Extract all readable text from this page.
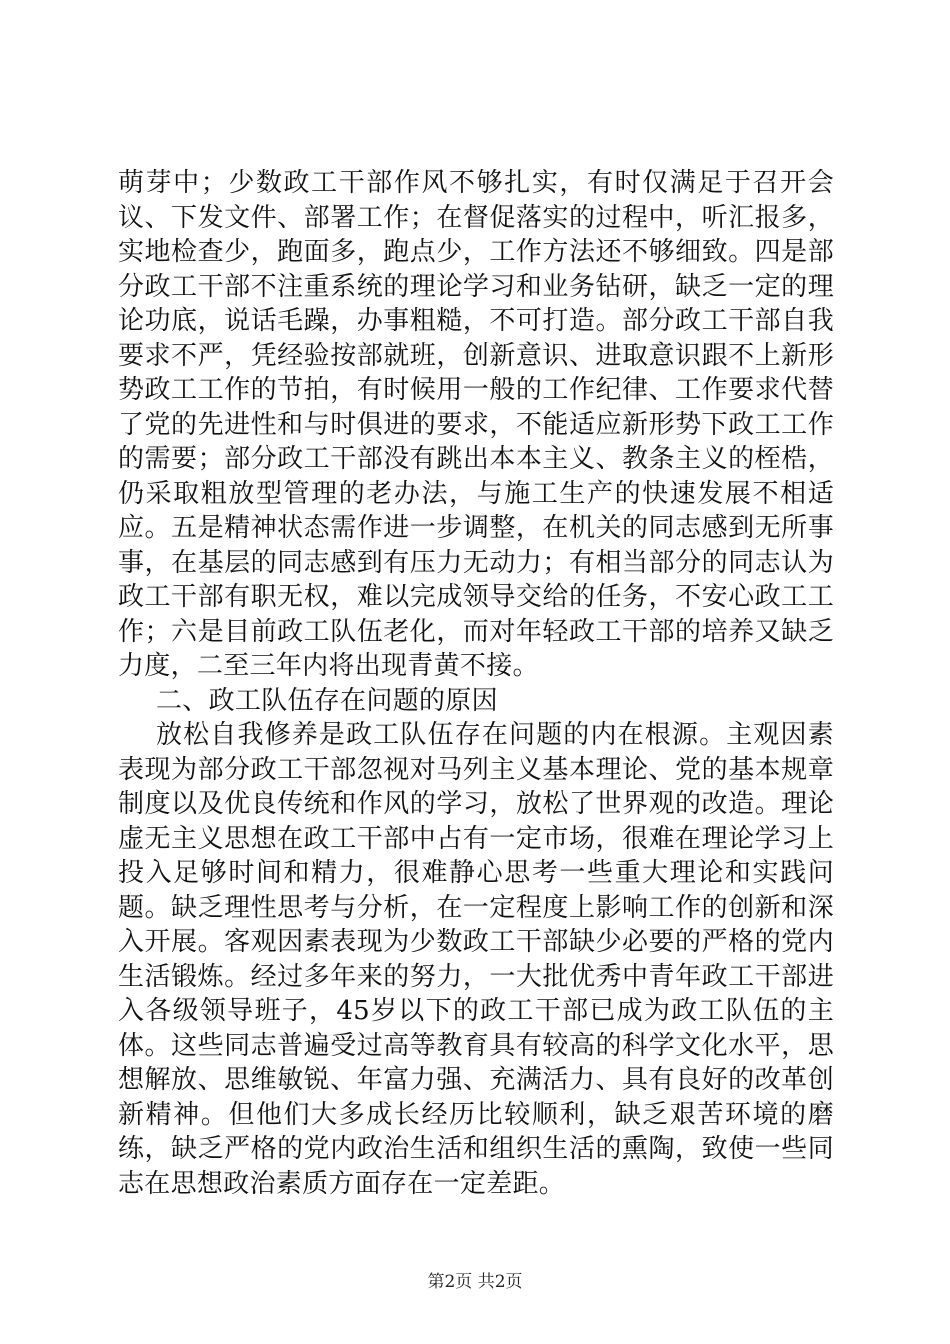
萌芽中；少数政工干部作风不够扎实，有时仅满足于召开会议、下发文件、部署工作；在督促落实的过程中，听汇报多，实地检查少，跑面多，跑点少，工作方法还不够细致。四是部分政工干部不注重系统的理论学习和业务钻研，缺乏一定的理论功底，说话毛躁，办事粗糙，不可打造。部分政工干部自我要求不严，凭经验按部就班，创新意识、进取意识跟不上新形势政工工作的节拍，有时候用一般的工作纪律、工作要求代替了党的先进性和与时俱进的要求，不能适应新形势下政工工作的需要；部分政工干部没有跳出本本主义、教条主义的桎梏，仍采取粗放型管理的老办法，与施工生产的快速发展不相适应。五是精神状态需作进一步调整，在机关的同志感到无所事事，在基层的同志感到有压力无动力；有相当部分的同志认为政工干部有职无权，难以完成领导交给的任务，不安心政工工作；六是目前政工队伍老化，而对年轻政工干部的培养又缺乏力度，二至三年内将出现青黄不接。

二、政工队伍存在问题的原因

放松自我修养是政工队伍存在问题的内在根源。主观因素表现为部分政工干部忽视对马列主义基本理论、党的基本规章制度以及优良传统和作风的学习，放松了世界观的改造。理论虚无主义思想在政工干部中占有一定市场，很难在理论学习上投入足够时间和精力，很难静心思考一些重大理论和实践问题。缺乏理性思考与分析，在一定程度上影响工作的创新和深入开展。客观因素表现为少数政工干部缺少必要的严格的党内生活锻炼。经过多年来的努力，一大批优秀中青年政工干部进入各级领导班子，45岁以下的政工干部已成为政工队伍的主体。这些同志普遍受过高等教育具有较高的科学文化水平，思想解放、思维敏锐、年富力强、充满活力、具有良好的改革创新精神。但他们大多成长经历比较顺利，缺乏艰苦环境的磨练，缺乏严格的党内政治生活和组织生活的熏陶，致使一些同志在思想政治素质方面存在一定差距。

第2页 共2页
